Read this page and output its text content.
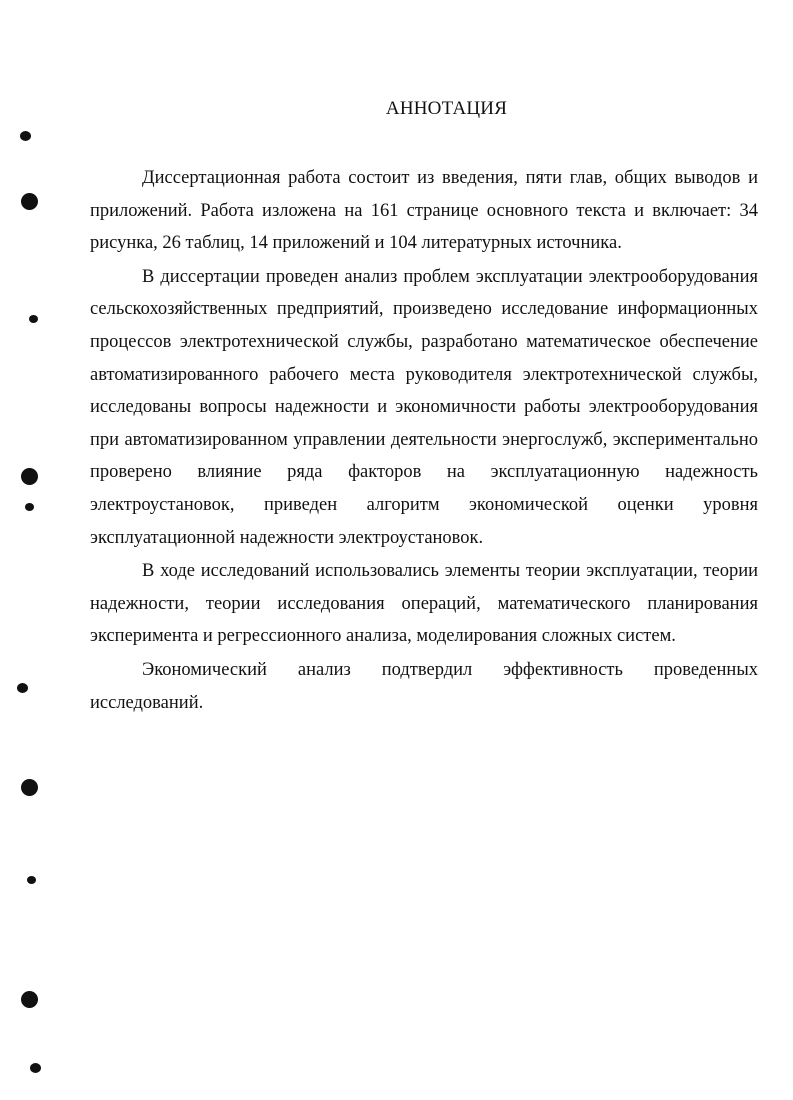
АННОТАЦИЯ

Диссертационная работа состоит из введения, пяти глав, общих выводов и приложений. Работа изложена на 161 странице основного текста и включает: 34 рисунка, 26 таблиц, 14 приложений и 104 литературных источника.

В диссертации проведен анализ проблем эксплуатации электрооборудования сельскохозяйственных предприятий, произведено исследование информационных процессов электротехнической службы, разработано математическое обеспечение автоматизированного рабочего места руководителя электротехнической службы, исследованы вопросы надежности и экономичности работы электрооборудования при автоматизированном управлении деятельности энергослужб, экспериментально проверено влияние ряда факторов на эксплуатационную надежность электроустановок, приведен алгоритм экономической оценки уровня эксплуатационной надежности электроустановок.

В ходе исследований использовались элементы теории эксплуатации, теории надежности, теории исследования операций, математического планирования эксперимента и регрессионного анализа, моделирования сложных систем.

Экономический анализ подтвердил эффективность проведенных исследований.
